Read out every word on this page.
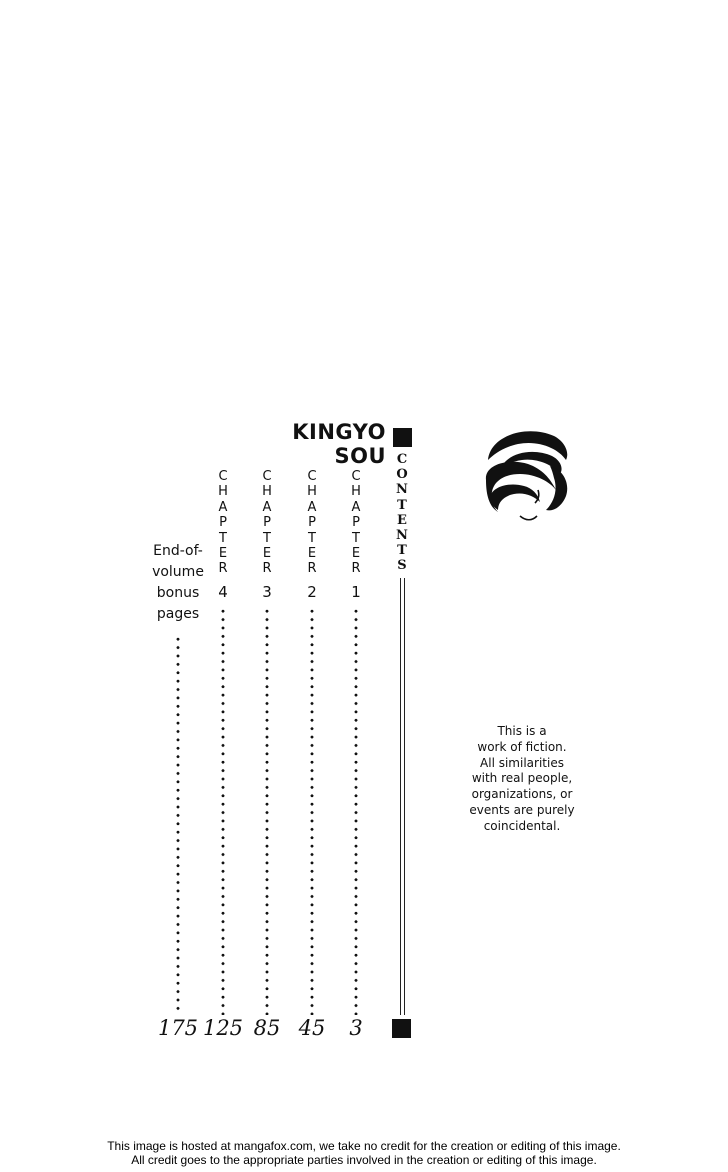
KINGYO SOU C
O
N
T
E
N
T
S
C
H
A
P
T
E
R
4
125
C
H
A
P
T
E
R
3
85
C
H
A
P
T
E
R
2
45
C
H
A
P
T
E
R
1
3
End-of-
volume
bonus
pages
175
This is a
work of fiction.
All similarities
with real people,
organizations, or
events are purely
coincidental.
This image is hosted at mangafox.com, we take no credit for the creation or editing of this image.
All credit goes to the appropriate parties involved in the creation or editing of this image.
